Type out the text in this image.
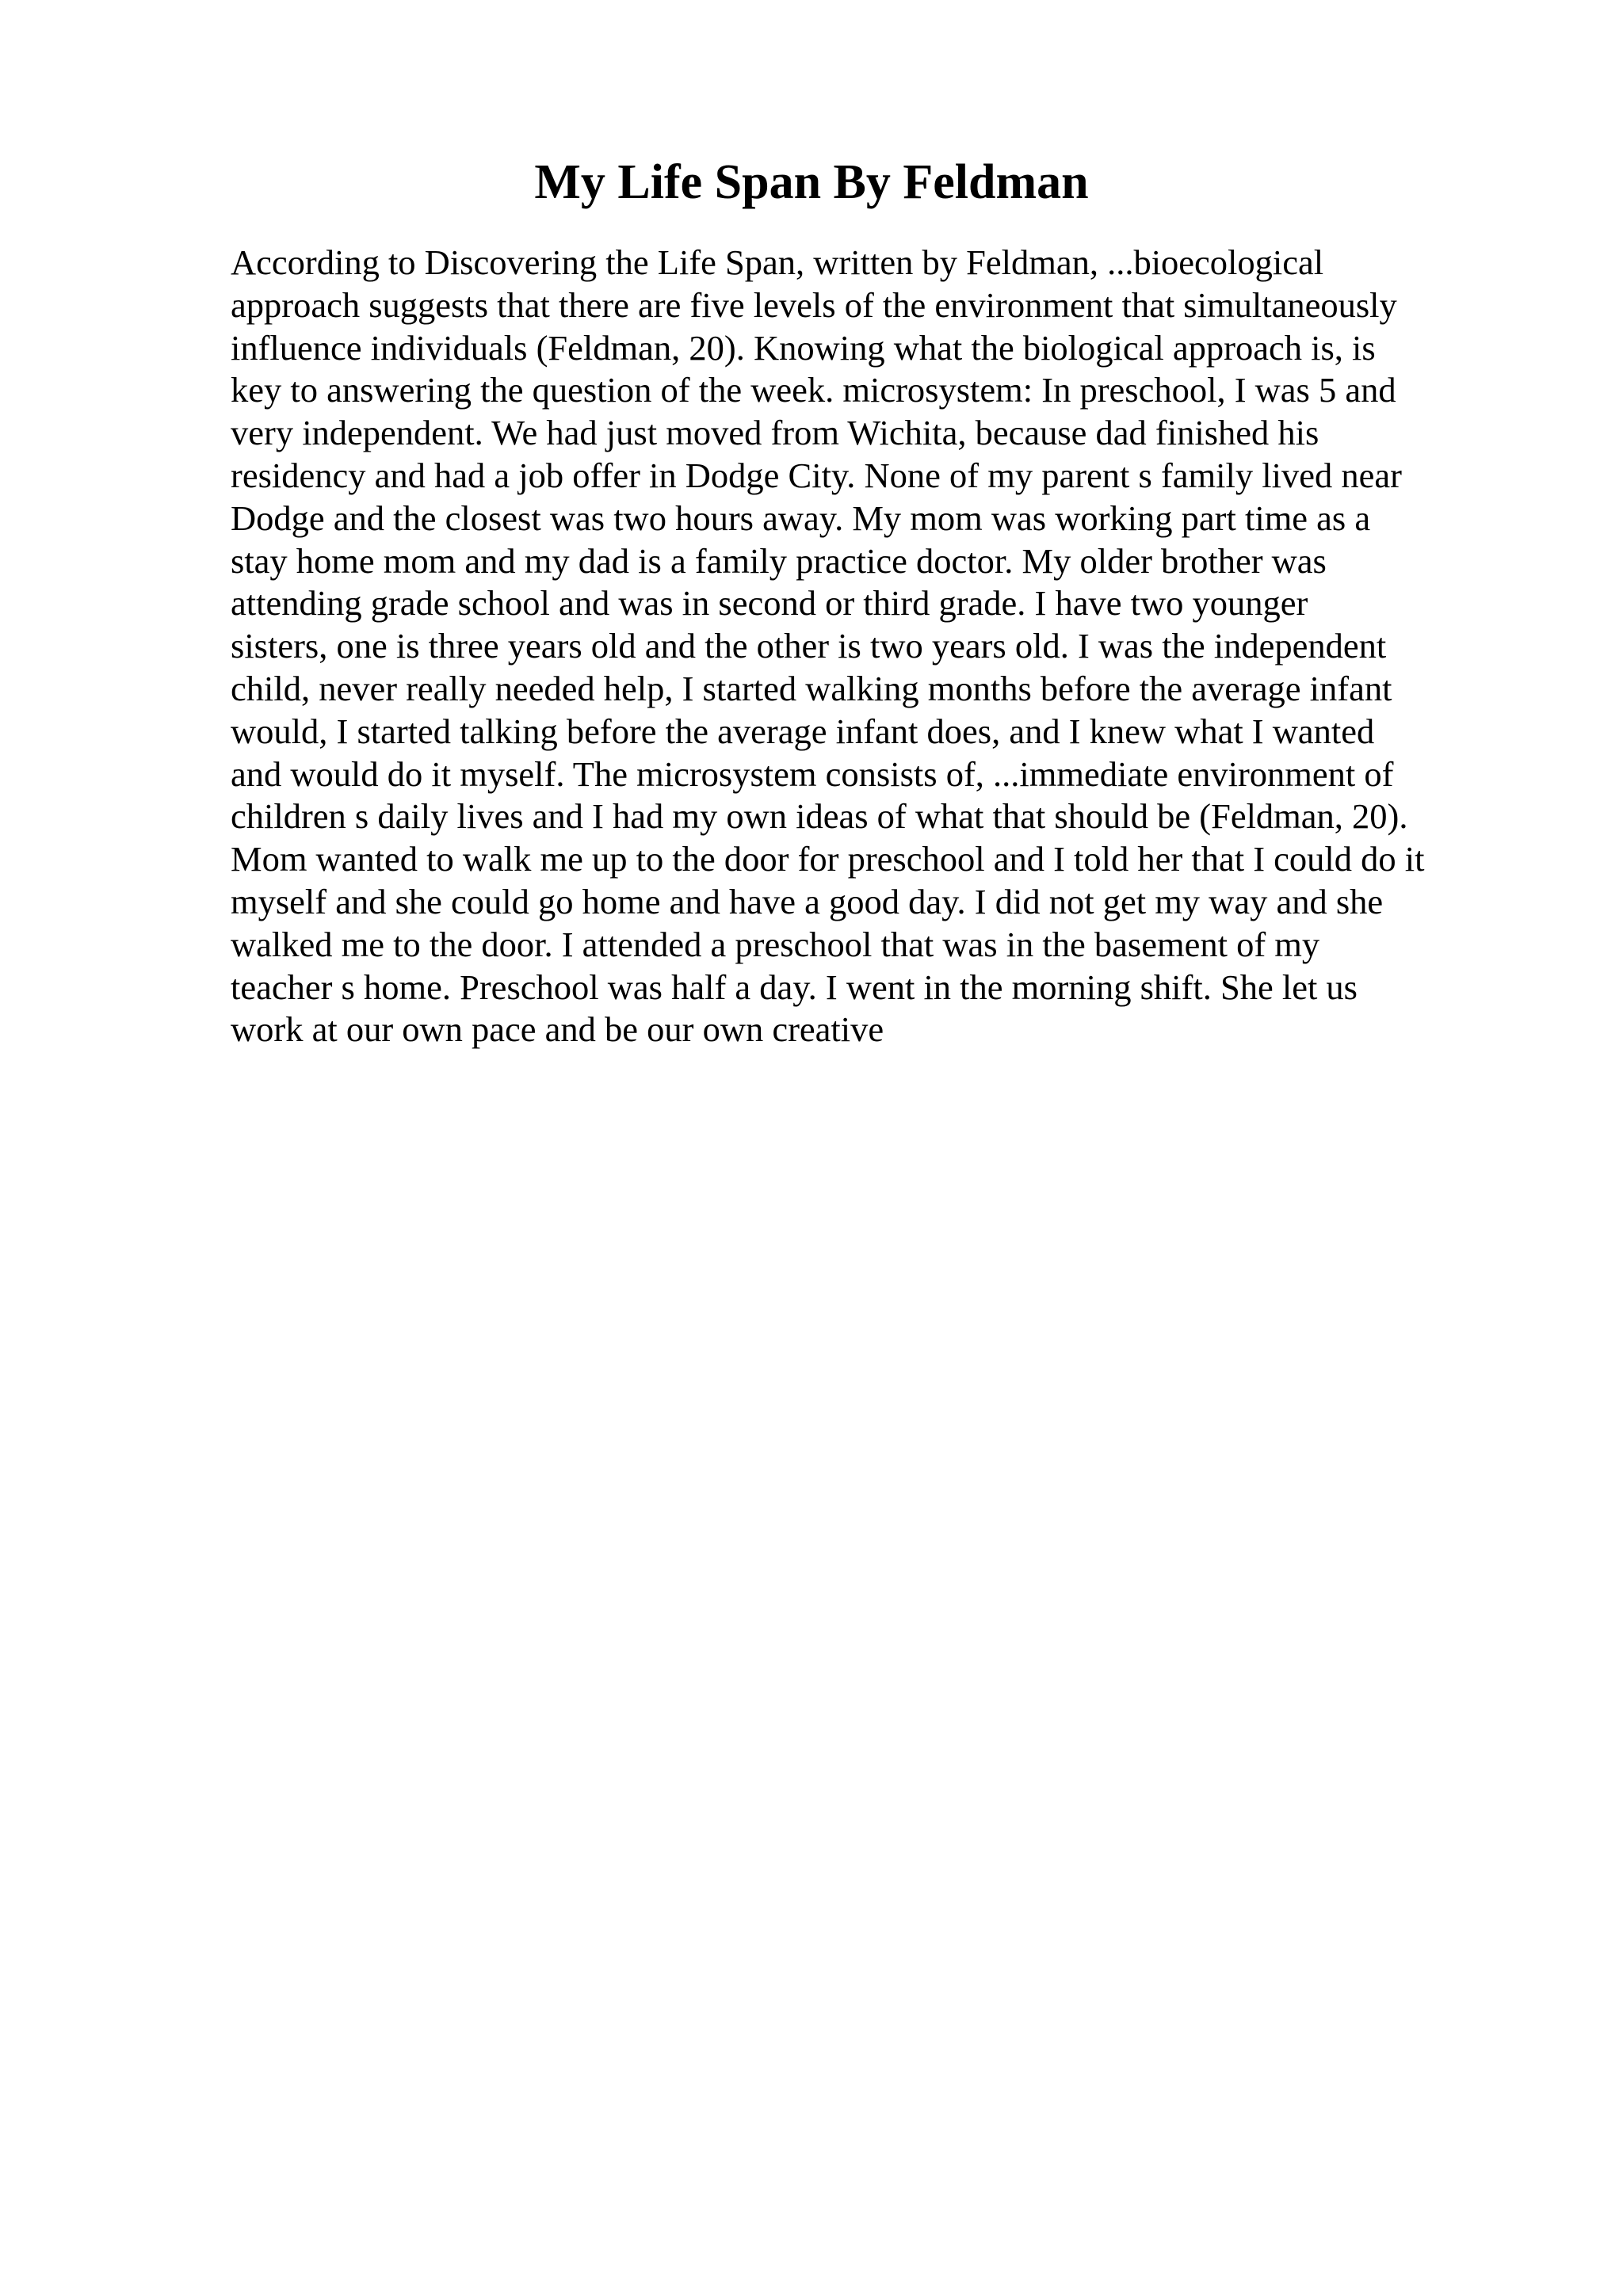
My Life Span By Feldman
According to Discovering the Life Span, written by Feldman, ...bioecological
approach suggests that there are five levels of the environment that simultaneously
influence individuals (Feldman, 20). Knowing what the biological approach is, is
key to answering the question of the week. microsystem: In preschool, I was 5 and
very independent. We had just moved from Wichita, because dad finished his
residency and had a job offer in Dodge City. None of my parent s family lived near
Dodge and the closest was two hours away. My mom was working part time as a
stay home mom and my dad is a family practice doctor. My older brother was
attending grade school and was in second or third grade. I have two younger
sisters, one is three years old and the other is two years old. I was the independent
child, never really needed help, I started walking months before the average infant
would, I started talking before the average infant does, and I knew what I wanted
and would do it myself. The microsystem consists of, ...immediate environment of
children s daily lives and I had my own ideas of what that should be (Feldman, 20).
Mom wanted to walk me up to the door for preschool and I told her that I could do it
myself and she could go home and have a good day. I did not get my way and she
walked me to the door. I attended a preschool that was in the basement of my
teacher s home. Preschool was half a day. I went in the morning shift. She let us
work at our own pace and be our own creative
